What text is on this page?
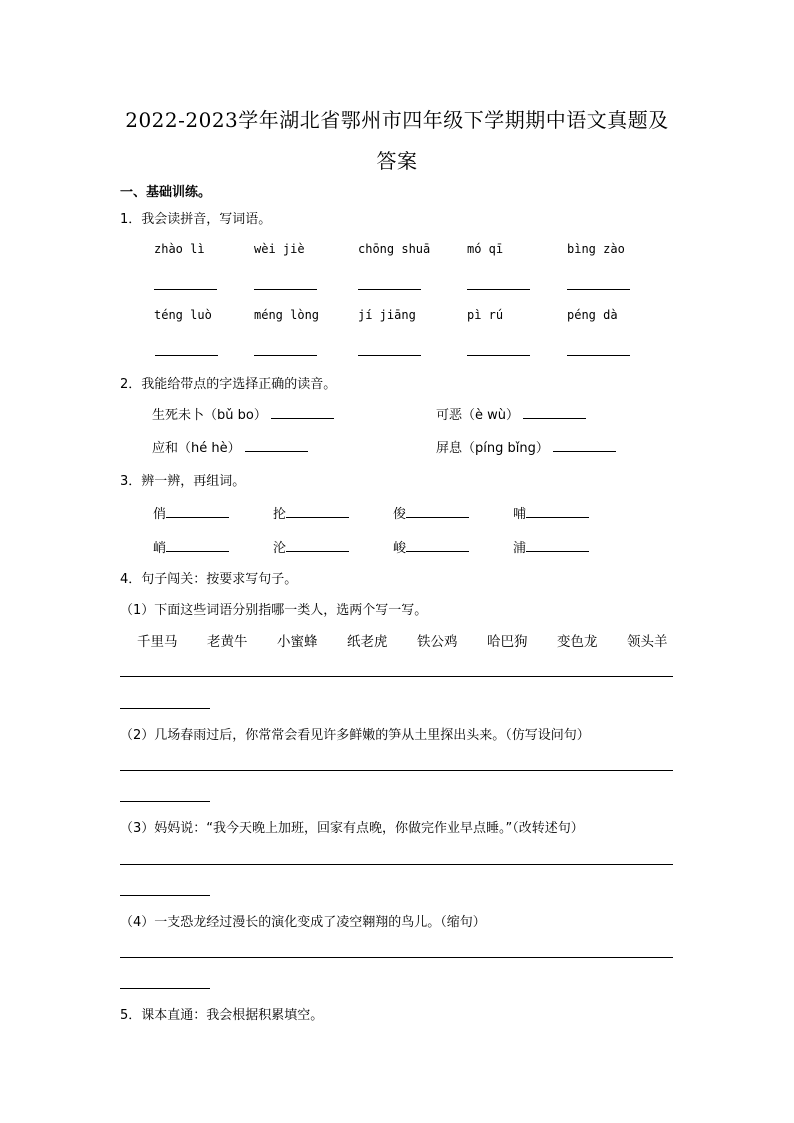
2022-2023学年湖北省鄂州市四年级下学期期中语文真题及
答案
一、基础训练。
1．我会读拼音，写词语。
zhào lì	wèi jiè	chōng shuā	mó qī	bìng zào
téng luò	méng lòng	jí jiāng	pì rú	péng dà
2．我能给带点的字选择正确的读音。
生死未卜（bǔ bo）	可恶（è wù）
应和（hé hè）	屏息（píng bǐng）
3．辨一辨，再组词。
俏	抡	俊	哺
峭	沦	峻	浦
4．句子闯关：按要求写句子。
（1）下面这些词语分别指哪一类人，选两个写一写。
千里马 老黄牛 小蜜蜂 纸老虎 铁公鸡 哈巴狗 变色龙 领头羊
（2）几场春雨过后，你常常会看见许多鲜嫩的笋从土里探出头来。（仿写设问句）
（3）妈妈说：“我今天晚上加班，回家有点晚，你做完作业早点睡。”（改转述句）
（4）一支恐龙经过漫长的演化变成了凌空翱翔的鸟儿。（缩句）
5．课本直通：我会根据积累填空。
